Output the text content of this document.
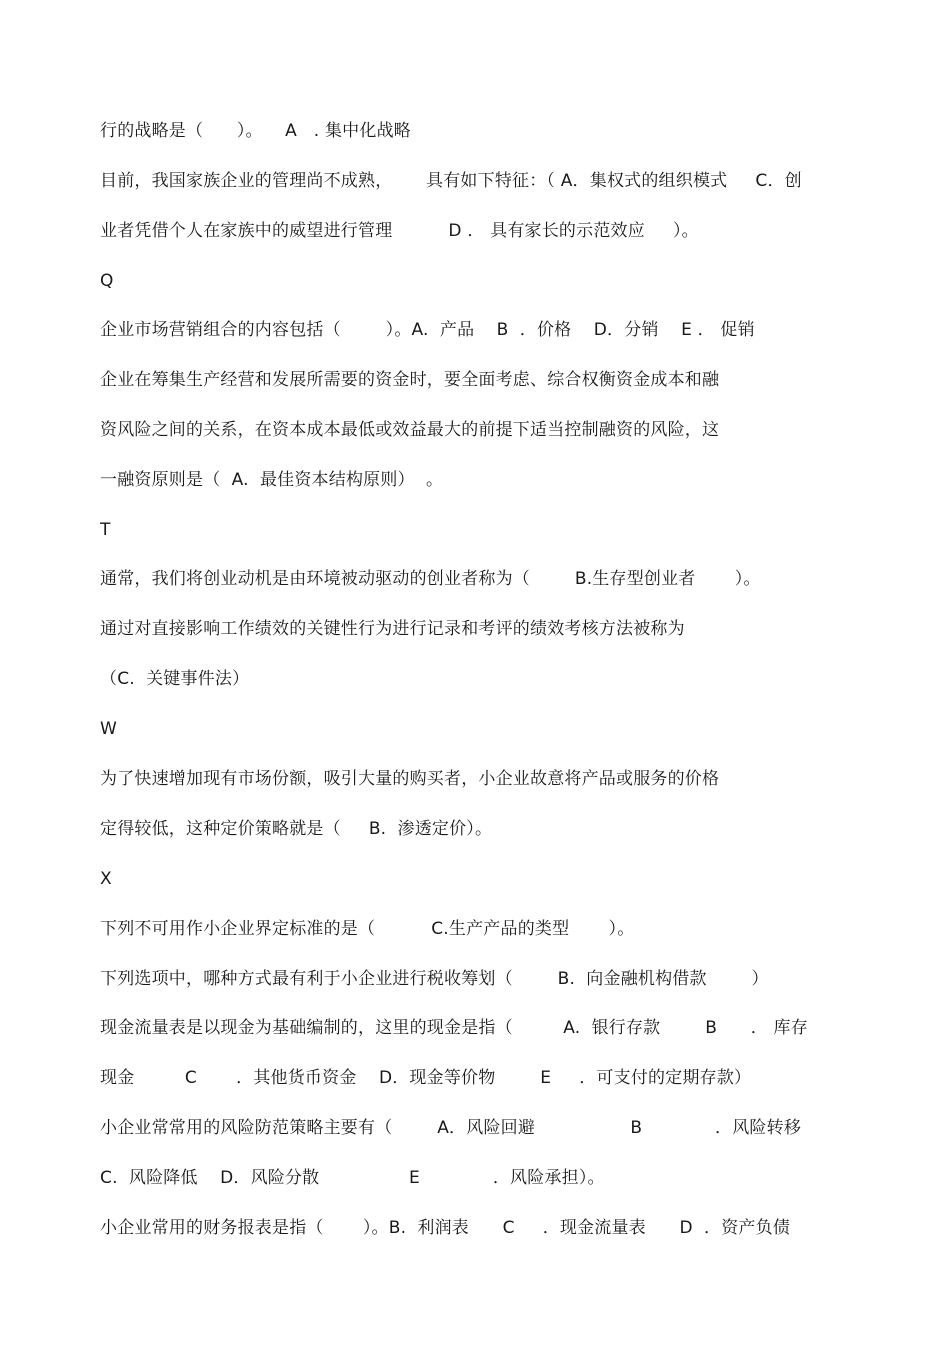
行的战略是（      ）。    A   . 集中化战略
目前，我国家族企业的管理尚不成熟，      具有如下特征：（ A．集权式的组织模式     C．创
业者凭借个人在家族中的威望进行管理          D ． 具有家长的示范效应     ）。
Q
企业市场营销组合的内容包括（        ）。A.  产品    B  ．价格    D．分销    E ． 促销
企业在筹集生产经营和发展所需要的资金时，要全面考虑、综合权衡资金成本和融
资风险之间的关系，在资本成本最低或效益最大的前提下适当控制融资的风险，这
一融资原则是（  A.  最佳资本结构原则）  。
T
通常，我们将创业动机是由环境被动驱动的创业者称为（        B.生存型创业者       ）。
通过对直接影响工作绩效的关键性行为进行记录和考评的绩效考核方法被称为
（C.  关键事件法）
W
为了快速增加现有市场份额，吸引大量的购买者，小企业故意将产品或服务的价格
定得较低，这种定价策略就是（     B.  渗透定价）。
X
下列不可用作小企业界定标准的是（          C.生产产品的类型       ）。
下列选项中，哪种方式最有利于小企业进行税收筹划（        B.  向金融机构借款        ）
现金流量表是以现金为基础编制的，这里的现金是指（         A.  银行存款        B      ． 库存
现金         C       ．其他货币资金    D．现金等价物        E     ．可支付的定期存款）
小企业常常用的风险防范策略主要有（        A．风险回避                 B             ．风险转移
C.  风险降低    D．风险分散                E             ．风险承担）。
小企业常用的财务报表是指（       ）。B.  利润表      C     ．现金流量表      D  ．资产负债
